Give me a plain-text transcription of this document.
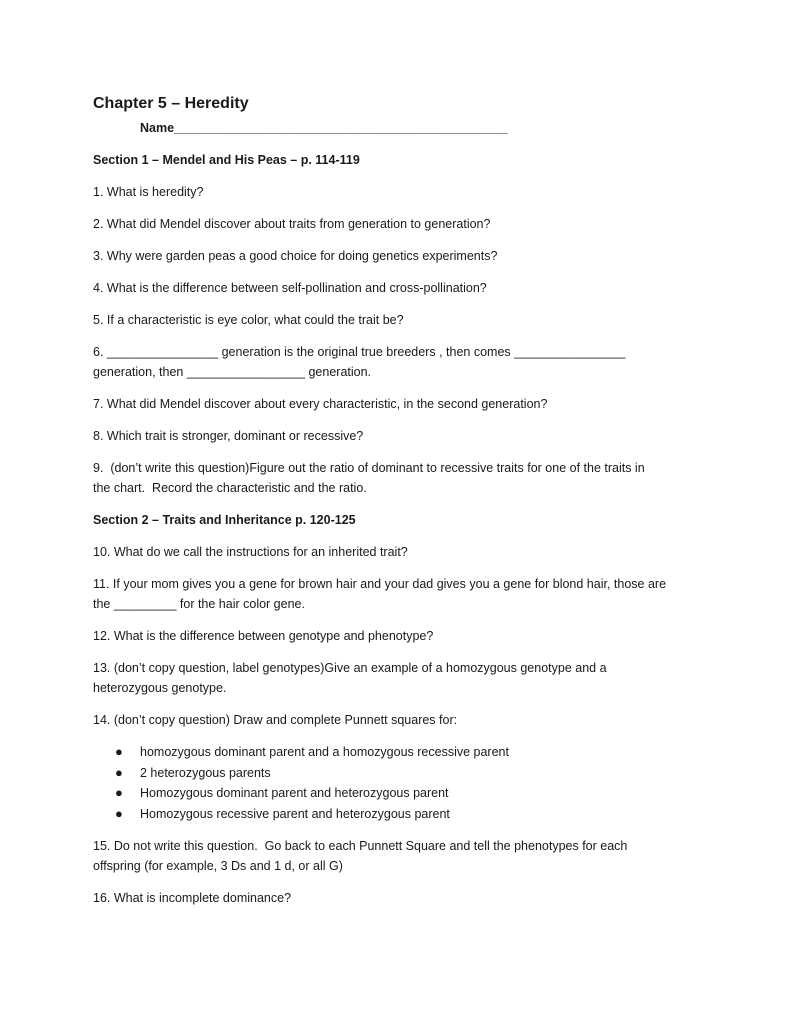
Chapter 5 – Heredity
Name________________________________________________
Section 1 – Mendel and His Peas – p. 114-119
1. What is heredity?
2. What did Mendel discover about traits from generation to generation?
3. Why were garden peas a good choice for doing genetics experiments?
4. What is the difference between self-pollination and cross-pollination?
5. If a characteristic is eye color, what could the trait be?
6. ________________ generation is the original true breeders , then comes ________________
generation, then _________________ generation.
7. What did Mendel discover about every characteristic, in the second generation?
8. Which trait is stronger, dominant or recessive?
9.  (don’t write this question)Figure out the ratio of dominant to recessive traits for one of the traits in
the chart.  Record the characteristic and the ratio.
Section 2 – Traits and Inheritance p. 120-125
10. What do we call the instructions for an inherited trait?
11. If your mom gives you a gene for brown hair and your dad gives you a gene for blond hair, those are
the _________ for the hair color gene.
12. What is the difference between genotype and phenotype?
13. (don’t copy question, label genotypes)Give an example of a homozygous genotype and a
heterozygous genotype.
14. (don’t copy question) Draw and complete Punnett squares for:
● homozygous dominant parent and a homozygous recessive parent
● 2 heterozygous parents
● Homozygous dominant parent and heterozygous parent
● Homozygous recessive parent and heterozygous parent
15. Do not write this question.  Go back to each Punnett Square and tell the phenotypes for each
offspring (for example, 3 Ds and 1 d, or all G)
16. What is incomplete dominance?
